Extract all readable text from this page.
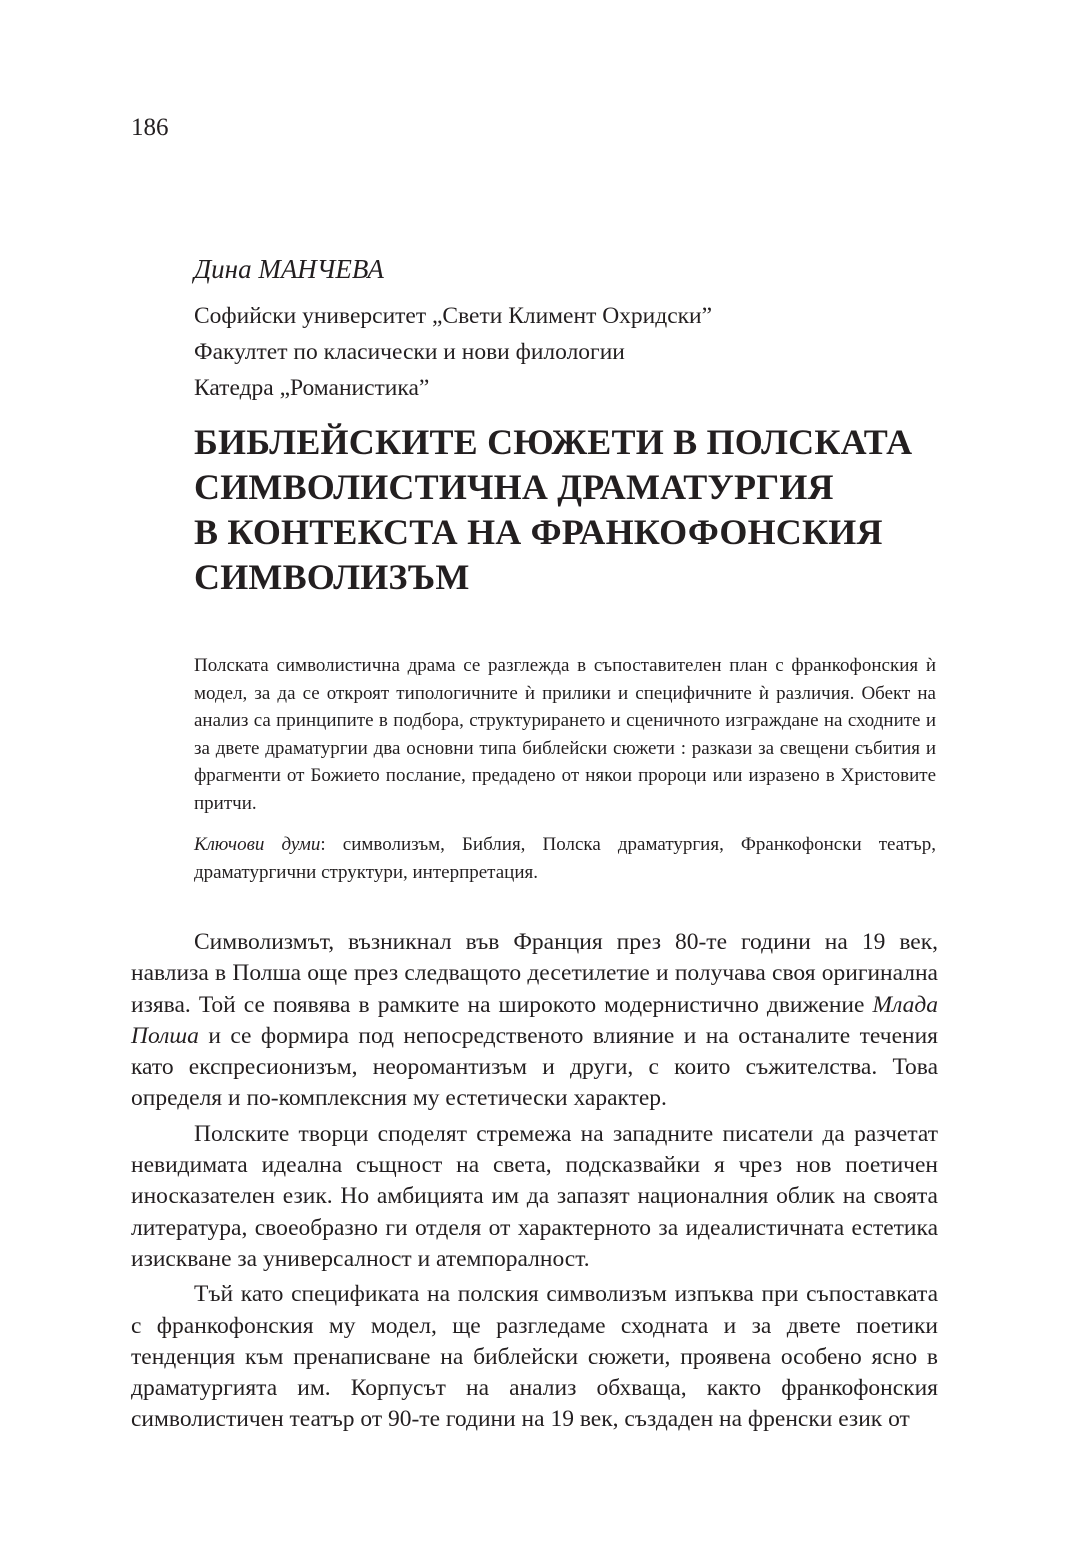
186

Дина МАНЧЕВА

Софийски университет „Свети Климент Охридски”

Факултет по класически и нови филологии

Катедра „Романистика”

БИБЛЕЙСКИТЕ СЮЖЕТИ В ПОЛСКАТА
СИМВОЛИСТИЧНА ДРАМАТУРГИЯ
В КОНТЕКСТА НА ФРАНКОФОНСКИЯ
СИМВОЛИЗЪМ

Полската символистична драма се разглежда в съпоставителен план с франкофонския ѝ модел, за да се откроят типологичните ѝ прилики и специфичните ѝ различия. Обект на анализ са принципите в подбора, структурирането и сценичното изграждане на сходните и за двете драматургии два основни типа библейски сюжети : разкази за свещени събития и фрагменти от Божието послание, предадено от някои пророци или изразено в Христовите притчи.

Ключови думи: символизъм, Библия, Полска драматургия, Франкофонски театър, драматургични структури, интерпретация.

Символизмът, възникнал във Франция през 80-те години на 19 век, навлиза в Полша още през следващото десетилетие и получава своя оригинална изява. Той се появява в рамките на широкото модернистично движение Млада Полша и се формира под непосредственото влияние и на останалите течения като експресионизъм, неоромантизъм и други, с които съжителства. Това определя и по-комплексния му естетически характер.

Полските творци споделят стремежа на западните писатели да разчетат невидимата идеална същност на света, подсказвайки я чрез нов поетичен иносказателен език. Но амбицията им да запазят националния облик на своята литература, своеобразно ги отделя от характерното за идеалистичната естетика изискване за универсалност и атемпоралност.

Тъй като спецификата на полския символизъм изпъква при съпоставката с франкофонския му модел, ще разгледаме сходната и за двете поетики тенденция към пренаписване на библейски сюжети, проявена особено ясно в драматургията им. Корпусът на анализ обхваща, както франкофонския символистичен театър от 90-те години на 19 век, създаден на френски език от
